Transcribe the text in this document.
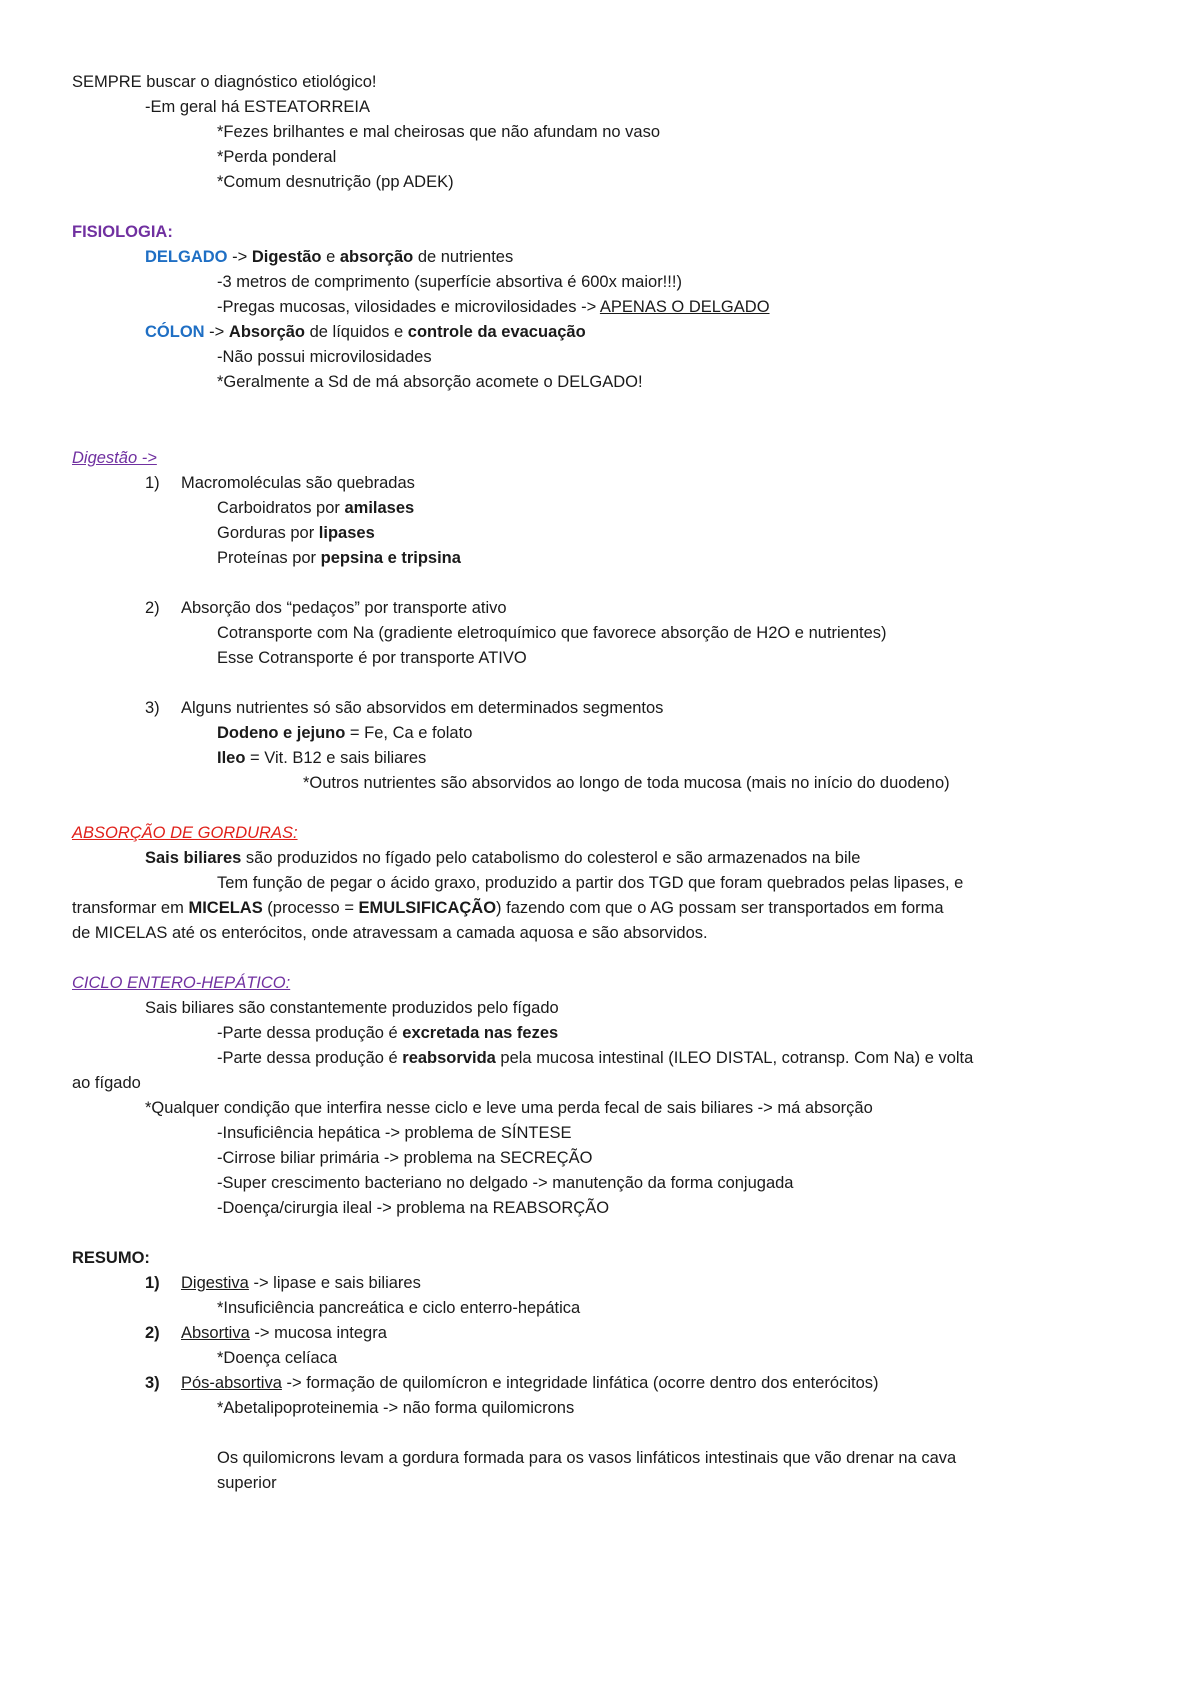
SEMPRE buscar o diagnóstico etiológico!
-Em geral há ESTEATORREIA
*Fezes brilhantes e mal cheirosas que não afundam no vaso
*Perda ponderal
*Comum desnutrição (pp ADEK)
FISIOLOGIA:
DELGADO -> Digestão e absorção de nutrientes
-3 metros de comprimento (superfície absortiva é 600x maior!!!)
-Pregas mucosas, vilosidades e microvilosidades -> APENAS O DELGADO
CÓLON -> Absorção de líquidos e controle da evacuação
-Não possui microvilosidades
*Geralmente a Sd de má absorção acomete o DELGADO!
Digestão ->
1) Macromoléculas são quebradas
Carboidratos por amilases
Gorduras por lipases
Proteínas por pepsina e tripsina
2) Absorção dos “pedaços” por transporte ativo
Cotransporte com Na (gradiente eletroquímico que favorece absorção de H2O e nutrientes)
Esse Cotransporte é por transporte ATIVO
3) Alguns nutrientes só são absorvidos em determinados segmentos
Dodeno e jejuno = Fe, Ca e folato
Ileo = Vit. B12 e sais biliares
*Outros nutrientes são absorvidos ao longo de toda mucosa (mais no início do duodeno)
ABSORÇÃO DE GORDURAS:
Sais biliares são produzidos no fígado pelo catabolismo do colesterol e são armazenados na bile
Tem função de pegar o ácido graxo, produzido a partir dos TGD que foram quebrados pelas lipases, e
transformar em MICELAS (processo = EMULSIFICAÇÃO) fazendo com que o AG possam ser transportados em forma
de MICELAS até os enterócitos, onde atravessam a camada aquosa e são absorvidos.
CICLO ENTERO-HEPÁTICO:
Sais biliares são constantemente produzidos pelo fígado
-Parte dessa produção é excretada nas fezes
-Parte dessa produção é reabsorvida pela mucosa intestinal (ILEO DISTAL, cotransp. Com Na) e volta
ao fígado
*Qualquer condição que interfira nesse ciclo e leve uma perda fecal de sais biliares -> má absorção
-Insuficiência hepática -> problema de SÍNTESE
-Cirrose biliar primária -> problema na SECREÇÃO
-Super crescimento bacteriano no delgado -> manutenção da forma conjugada
-Doença/cirurgia ileal -> problema na REABSORÇÃO
RESUMO:
1) Digestiva -> lipase e sais biliares
*Insuficiência pancreática e ciclo enterro-hepática
2) Absortiva -> mucosa integra
*Doença celíaca
3) Pós-absortiva -> formação de quilomícron e integridade linfática (ocorre dentro dos enterócitos)
*Abetalipoproteinemia -> não forma quilomicrons
Os quilomicrons levam a gordura formada para os vasos linfáticos intestinais que vão drenar na cava
superior
